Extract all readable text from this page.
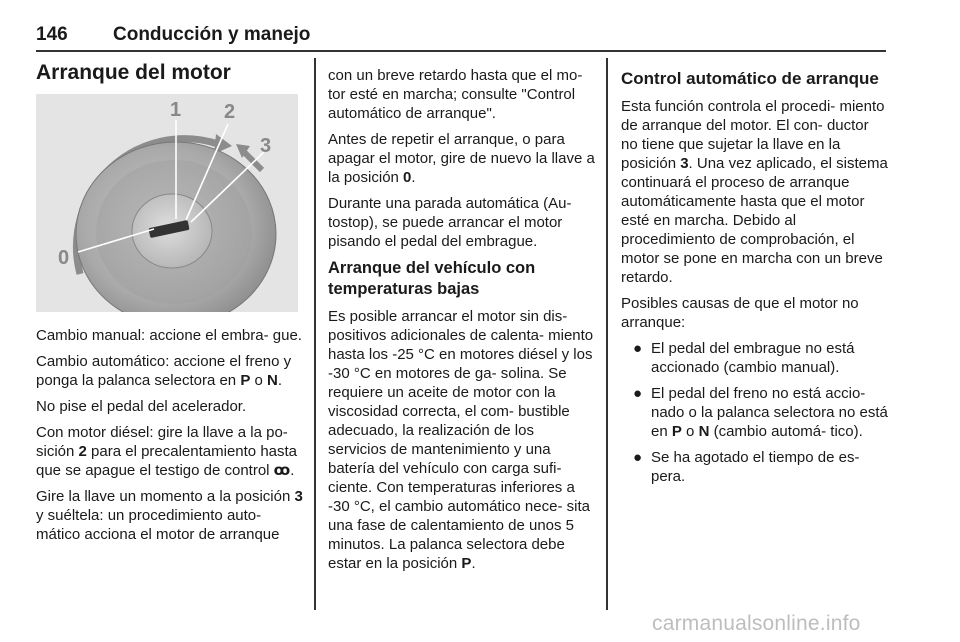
146 Conducción y manejo
Arranque del motor
0
1 2
3
Cambio manual: accione el embra‑ gue.
Cambio automático: accione el freno y ponga la palanca selectora en P o N.
No pise el pedal del acelerador.
Con motor diésel: gire la llave a la po‑ sición 2 para el precalentamiento hasta que se apague el testigo de control ꝏ.
Gire la llave un momento a la posición 3 y suéltela: un procedimiento auto‑ mático acciona el motor de arranque
con un breve retardo hasta que el mo‑ tor esté en marcha; consulte "Control automático de arranque".
Antes de repetir el arranque, o para apagar el motor, gire de nuevo la llave a la posición 0.
Durante una parada automática (Au‑ tostop), se puede arrancar el motor pisando el pedal del embrague.
Arranque del vehículo con temperaturas bajas
Es posible arrancar el motor sin dis‑ positivos adicionales de calenta‑ miento hasta los -25 °C en motores diésel y los -30 °C en motores de ga‑ solina. Se requiere un aceite de motor con la viscosidad correcta, el com‑ bustible adecuado, la realización de los servicios de mantenimiento y una batería del vehículo con carga sufi‑ ciente. Con temperaturas inferiores a -30 °C, el cambio automático nece‑ sita una fase de calentamiento de unos 5 minutos. La palanca selectora debe estar en la posición P.
Control automático de arranque
Esta función controla el procedi‑ miento de arranque del motor. El con‑ ductor no tiene que sujetar la llave en la posición 3. Una vez aplicado, el sistema continuará el proceso de arranque automáticamente hasta que el motor esté en marcha. Debido al procedimiento de comprobación, el motor se pone en marcha con un breve retardo.
Posibles causas de que el motor no arranque:
● El pedal del embrague no está accionado (cambio manual).
● El pedal del freno no está accio‑ nado o la palanca selectora no está en P o N (cambio automá‑ tico).
● Se ha agotado el tiempo de es‑ pera.
carmanualsonline.info
